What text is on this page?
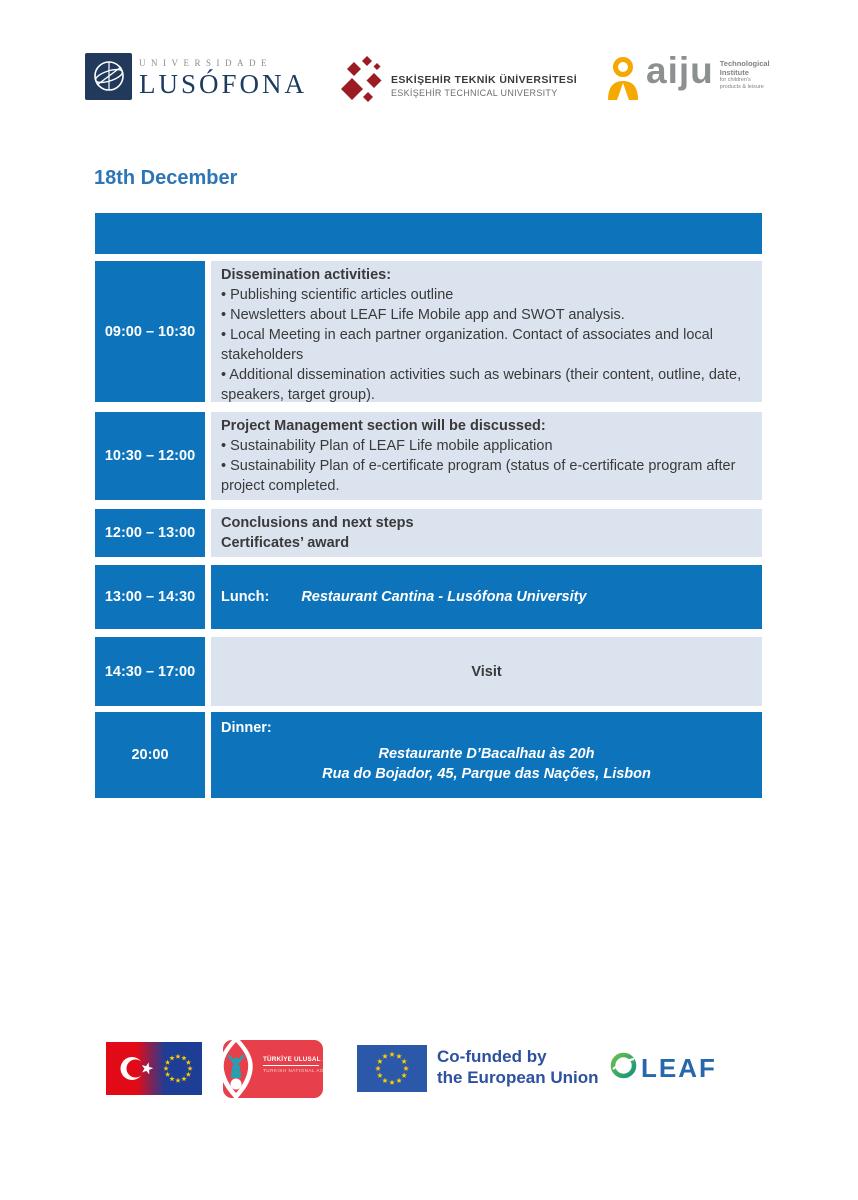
UNIVERSIDADE
LUSÓFONA	ESKİŞEHİR TEKNİK ÜNİVERSİTESİ
ESKİŞEHİR TECHNICAL UNIVERSITY
aiju Technological
Institute
for children's
products & leisure
18th December
09:00 – 10:30
Dissemination activities:
• Publishing scientific articles outline
• Newsletters about LEAF Life Mobile app and SWOT analysis.
• Local Meeting in each partner organization. Contact of associates and local stakeholders
• Additional dissemination activities such as webinars (their content, outline, date, speakers, target group).
10:30 – 12:00
Project Management section will be discussed:
• Sustainability Plan of LEAF Life mobile application
• Sustainability Plan of e-certificate program (status of e-certificate program after project completed.
12:00 – 13:00
Conclusions and next steps
Certificates’ award
13:00 – 14:30	Lunch: Restaurant Cantina - Lusófona University
14:30 – 17:00	Visit
20:00
Dinner:
Restaurante D’Bacalhau às 20h
Rua do Bojador, 45, Parque das Nações, Lisbon
TÜRKİYE ULUSAL AJANSI
TURKISH NATIONAL AGENCY
Co-funded by
the European Union LEAF
